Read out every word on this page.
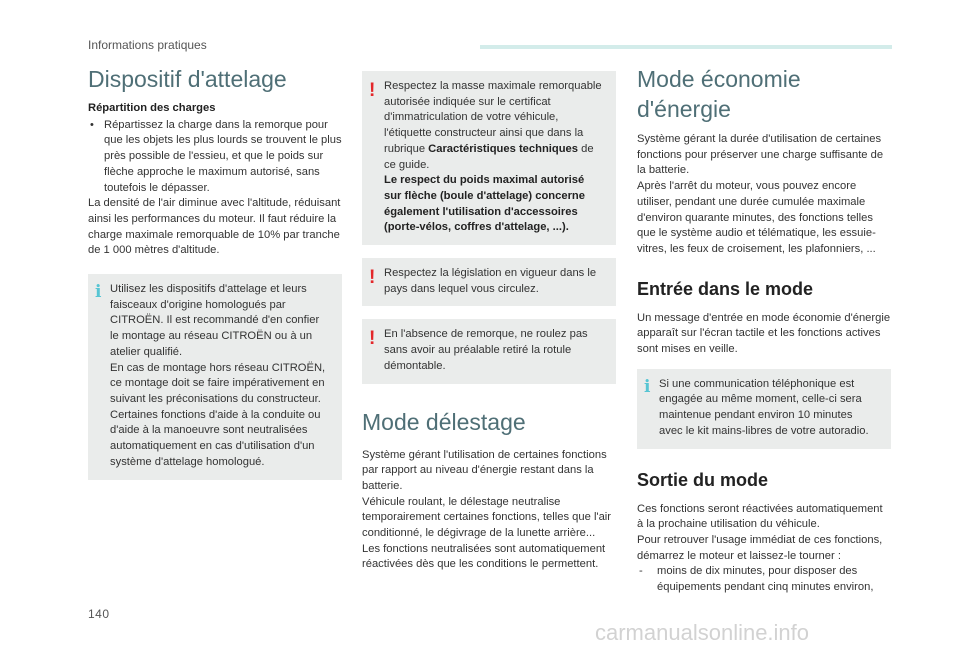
Informations pratiques
Dispositif d'attelage
Répartition des charges
• Répartissez la charge dans la remorque pour que les objets les plus lourds se trouvent le plus près possible de l'essieu, et que le poids sur flèche approche le maximum autorisé, sans toutefois le dépasser.
La densité de l'air diminue avec l'altitude, réduisant ainsi les performances du moteur. Il faut réduire la charge maximale remorquable de 10% par tranche de 1 000 mètres d'altitude.
i Utilisez les dispositifs d'attelage et leurs faisceaux d'origine homologués par CITROËN. Il est recommandé d'en confier le montage au réseau CITROËN ou à un atelier qualifié.
En cas de montage hors réseau CITROËN, ce montage doit se faire impérativement en suivant les préconisations du constructeur.
Certaines fonctions d'aide à la conduite ou d'aide à la manoeuvre sont neutralisées automatiquement en cas d'utilisation d'un système d'attelage homologué.

! Respectez la masse maximale remorquable autorisée indiquée sur le certificat d'immatriculation de votre véhicule, l'étiquette constructeur ainsi que dans la rubrique Caractéristiques techniques de ce guide.
Le respect du poids maximal autorisé sur flèche (boule d'attelage) concerne également l'utilisation d'accessoires (porte-vélos, coffres d'attelage, ...).

! Respectez la législation en vigueur dans le pays dans lequel vous circulez.

! En l'absence de remorque, ne roulez pas sans avoir au préalable retiré la rotule démontable.

Mode délestage
Système gérant l'utilisation de certaines fonctions par rapport au niveau d'énergie restant dans la batterie.
Véhicule roulant, le délestage neutralise temporairement certaines fonctions, telles que l'air conditionné, le dégivrage de la lunette arrière...
Les fonctions neutralisées sont automatiquement réactivées dès que les conditions le permettent.
Mode économie d'énergie
Système gérant la durée d'utilisation de certaines fonctions pour préserver une charge suffisante de la batterie.
Après l'arrêt du moteur, vous pouvez encore utiliser, pendant une durée cumulée maximale d'environ quarante minutes, des fonctions telles que le système audio et télématique, les essuie-vitres, les feux de croisement, les plafonniers, ...
Entrée dans le mode
Un message d'entrée en mode économie d'énergie apparaît sur l'écran tactile et les fonctions actives sont mises en veille.
i Si une communication téléphonique est engagée au même moment, celle-ci sera maintenue pendant environ 10 minutes avec le kit mains-libres de votre autoradio.

Sortie du mode
Ces fonctions seront réactivées automatiquement à la prochaine utilisation du véhicule.
Pour retrouver l'usage immédiat de ces fonctions, démarrez le moteur et laissez-le tourner :
- moins de dix minutes, pour disposer des équipements pendant cinq minutes environ,
140
carmanualsonline.info
